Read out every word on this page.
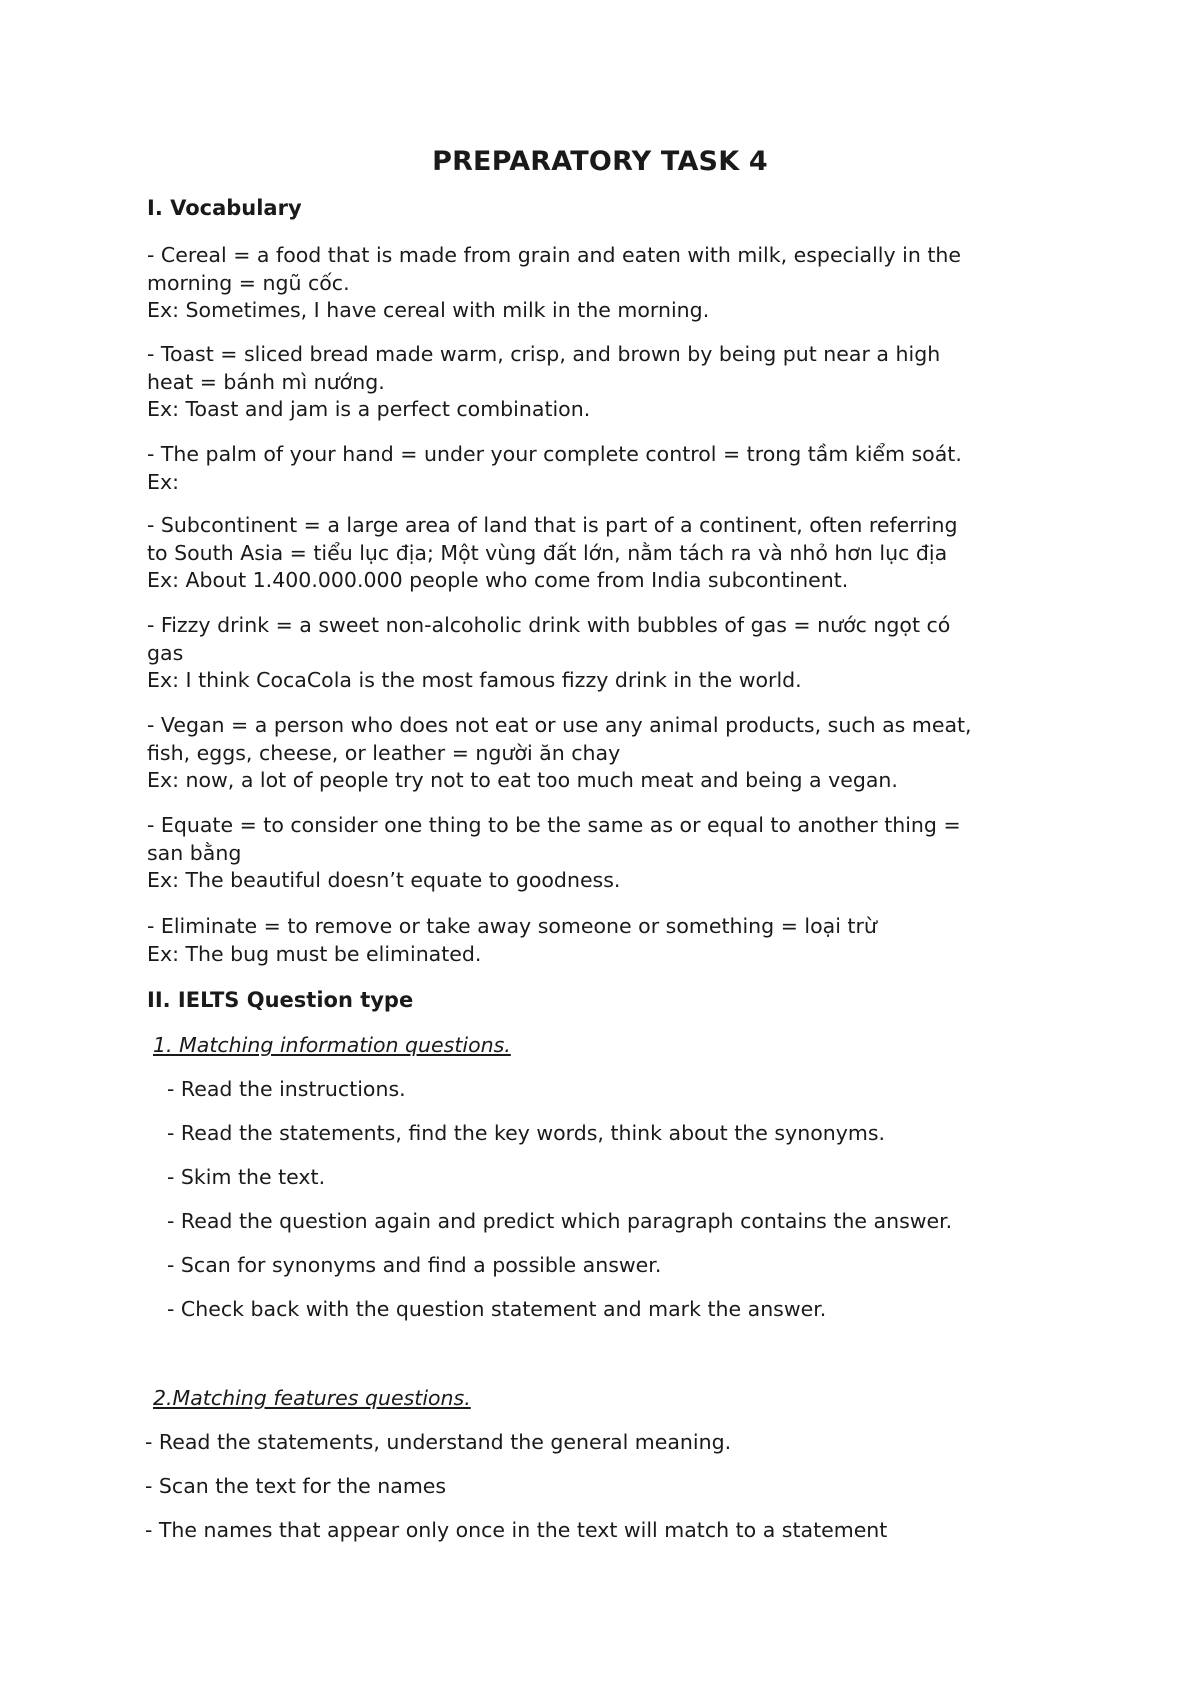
PREPARATORY TASK 4
I. Vocabulary

- Cereal = a food that is made from grain and eaten with milk, especially in the
morning = ngũ cốc.
Ex: Sometimes, I have cereal with milk in the morning.

- Toast = sliced bread made warm, crisp, and brown by being put near a high
heat = bánh mì nướng.
Ex: Toast and jam is a perfect combination.

- The palm of your hand = under your complete control = trong tầm kiểm soát.
Ex:

- Subcontinent = a large area of land that is part of a continent, often referring
to South Asia = tiểu lục địa; Một vùng đất lớn, nằm tách ra và nhỏ hơn lục địa
Ex: About 1.400.000.000 people who come from India subcontinent.

- Fizzy drink = a sweet non-alcoholic drink with bubbles of gas = nước ngọt có
gas
Ex: I think CocaCola is the most famous fizzy drink in the world.

- Vegan = a person who does not eat or use any animal products, such as meat,
fish, eggs, cheese, or leather = người ăn chay
Ex: now, a lot of people try not to eat too much meat and being a vegan.

- Equate = to consider one thing to be the same as or equal to another thing =
san bằng
Ex: The beautiful doesn’t equate to goodness.

- Eliminate = to remove or take away someone or something = loại trừ
Ex: The bug must be eliminated.

II. IELTS Question type

1. Matching information questions.

- Read the instructions.

- Read the statements, find the key words, think about the synonyms.

- Skim the text.

- Read the question again and predict which paragraph contains the answer.

- Scan for synonyms and find a possible answer.

- Check back with the question statement and mark the answer.

2.Matching features questions.

- Read the statements, understand the general meaning.

- Scan the text for the names

- The names that appear only once in the text will match to a statement
